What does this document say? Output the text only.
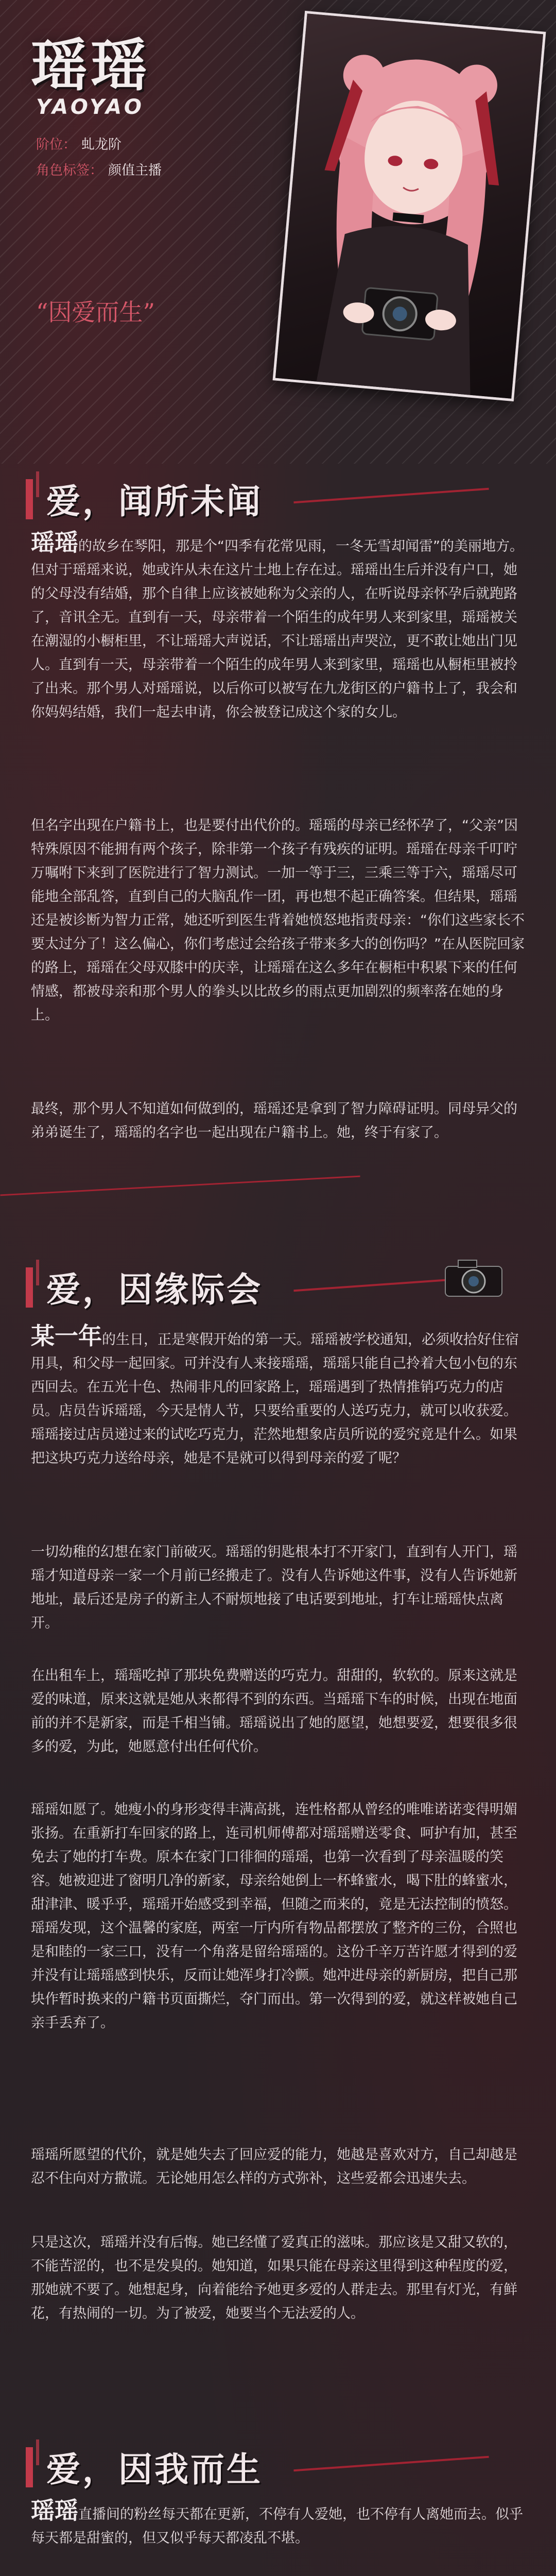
瑶瑶
YAOYAO
阶位： 虬龙阶
角色标签： 颜值主播
“因爱而生”
爱，闻所未闻
瑶瑶的故乡在琴阳，那是个“四季有花常见雨，一冬无雪却闻雷”的美丽地方。但对于瑶瑶来说，她或许从未在这片土地上存在过。瑶瑶出生后并没有户口，她的父母没有结婚，那个自律上应该被她称为父亲的人，在听说母亲怀孕后就跑路了，音讯全无。直到有一天，母亲带着一个陌生的成年男人来到家里，瑶瑶被关在潮湿的小橱柜里，不让瑶瑶大声说话，不让瑶瑶出声哭泣，更不敢让她出门见人。直到有一天，母亲带着一个陌生的成年男人来到家里，瑶瑶也从橱柜里被拎了出来。那个男人对瑶瑶说，以后你可以被写在九龙街区的户籍书上了，我会和你妈妈结婚，我们一起去申请，你会被登记成这个家的女儿。
但名字出现在户籍书上，也是要付出代价的。瑶瑶的母亲已经怀孕了，“父亲”因特殊原因不能拥有两个孩子，除非第一个孩子有残疾的证明。瑶瑶在母亲千叮咛万嘱咐下来到了医院进行了智力测试。一加一等于三，三乘三等于六，瑶瑶尽可能地全部乱答，直到自己的大脑乱作一团，再也想不起正确答案。但结果，瑶瑶还是被诊断为智力正常，她还听到医生背着她愤怒地指责母亲：“你们这些家长不要太过分了！这么偏心，你们考虑过会给孩子带来多大的创伤吗？”在从医院回家的路上，瑶瑶在父母双膝中的庆幸，让瑶瑶在这么多年在橱柜中积累下来的任何情感，都被母亲和那个男人的拳头以比故乡的雨点更加剧烈的频率落在她的身上。
最终，那个男人不知道如何做到的，瑶瑶还是拿到了智力障碍证明。同母异父的弟弟诞生了，瑶瑶的名字也一起出现在户籍书上。她，终于有家了。
爱，因缘际会
某一年的生日，正是寒假开始的第一天。瑶瑶被学校通知，必须收拾好住宿用具，和父母一起回家。可并没有人来接瑶瑶，瑶瑶只能自己拎着大包小包的东西回去。在五光十色、热闹非凡的回家路上，瑶瑶遇到了热情推销巧克力的店员。店员告诉瑶瑶，今天是情人节，只要给重要的人送巧克力，就可以收获爱。瑶瑶接过店员递过来的试吃巧克力，茫然地想象店员所说的爱究竟是什么。如果把这块巧克力送给母亲，她是不是就可以得到母亲的爱了呢？
一切幼稚的幻想在家门前破灭。瑶瑶的钥匙根本打不开家门，直到有人开门，瑶瑶才知道母亲一家一个月前已经搬走了。没有人告诉她这件事，没有人告诉她新地址，最后还是房子的新主人不耐烦地接了电话要到地址，打车让瑶瑶快点离开。
在出租车上，瑶瑶吃掉了那块免费赠送的巧克力。甜甜的，软软的。原来这就是爱的味道，原来这就是她从来都得不到的东西。当瑶瑶下车的时候，出现在地面前的并不是新家，而是千相当铺。瑶瑶说出了她的愿望，她想要爱，想要很多很多的爱，为此，她愿意付出任何代价。
瑶瑶如愿了。她瘦小的身形变得丰满高挑，连性格都从曾经的唯唯诺诺变得明媚张扬。在重新打车回家的路上，连司机师傅都对瑶瑶赠送零食、呵护有加，甚至免去了她的打车费。原本在家门口徘徊的瑶瑶，也第一次看到了母亲温暖的笑容。她被迎进了窗明几净的新家，母亲给她倒上一杯蜂蜜水，喝下肚的蜂蜜水，甜津津、暖乎乎，瑶瑶开始感受到幸福，但随之而来的，竟是无法控制的愤怒。瑶瑶发现，这个温馨的家庭，两室一厅内所有物品都摆放了整齐的三份，合照也是和睦的一家三口，没有一个角落是留给瑶瑶的。这份千辛万苦许愿才得到的爱并没有让瑶瑶感到快乐，反而让她浑身打冷颤。她冲进母亲的新厨房，把自己那块作暂时换来的户籍书页面撕烂，夺门而出。第一次得到的爱，就这样被她自己亲手丢弃了。
瑶瑶所愿望的代价，就是她失去了回应爱的能力，她越是喜欢对方，自己却越是忍不住向对方撒谎。无论她用怎么样的方式弥补，这些爱都会迅速失去。
只是这次，瑶瑶并没有后悔。她已经懂了爱真正的滋味。那应该是又甜又软的，不能苦涩的，也不是发臭的。她知道，如果只能在母亲这里得到这种程度的爱，那她就不要了。她想起身，向着能给予她更多爱的人群走去。那里有灯光，有鲜花，有热闹的一切。为了被爱，她要当个无法爱的人。
爱，因我而生
瑶瑶直播间的粉丝每天都在更新，不停有人爱她，也不停有人离她而去。似乎每天都是甜蜜的，但又似乎每天都凌乱不堪。
